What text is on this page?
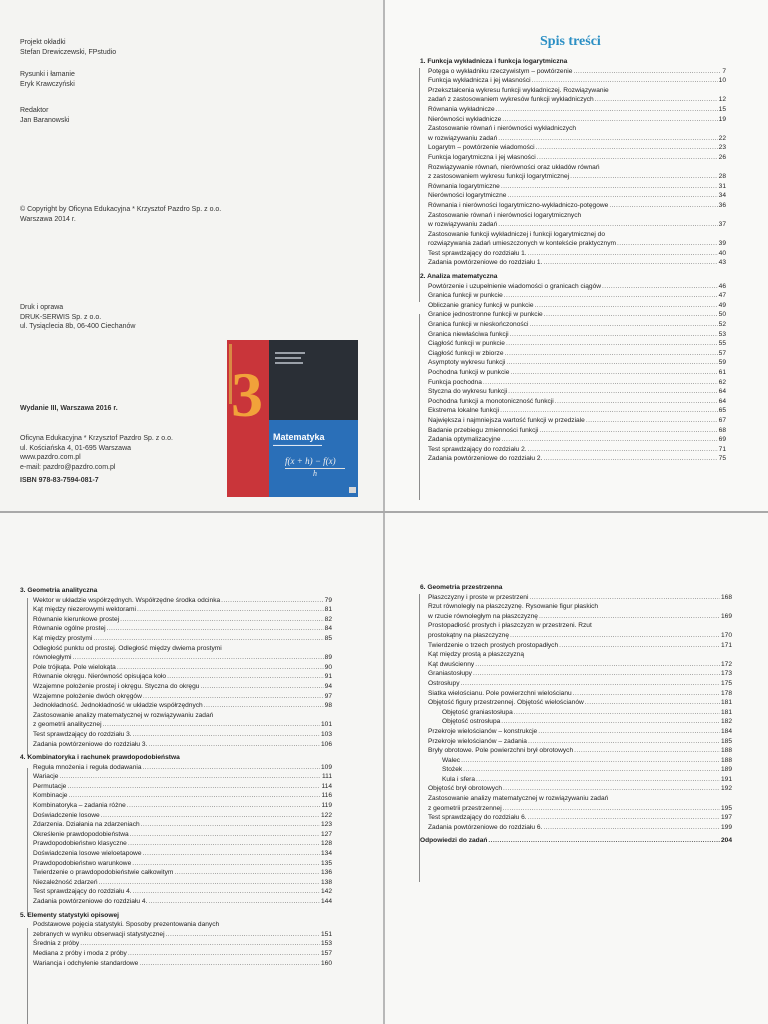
Projekt okładki
Stefan Drewiczewski, FPstudio
Rysunki i łamanie
Eryk Krawczyński
Redaktor
Jan Baranowski
© Copyright by Oficyna Edukacyjna * Krzysztof Pazdro Sp. z o.o.
Warszawa 2014 r.
Druk i oprawa
DRUK-SERWIS Sp. z o.o.
ul. Tysiąclecia 8b, 06-400 Ciechanów
Wydanie III, Warszawa 2016 r.
Oficyna Edukacyjna * Krzysztof Pazdro Sp. z o.o.
ul. Kościańska 4, 01-695 Warszawa
www.pazdro.com.pl
e-mail: pazdro@pazdro.com.pl
ISBN 978-83-7594-081-7
3
Matematyka
▬▬▬▬▬▬▬▬▬▬▬▬▬▬
f(x + h) − f(x)
h
Spis treści
1. Funkcja wykładnicza i funkcja logarytmiczna
Potęga o wykładniku rzeczywistym – powtórzenie .....	7
Funkcja wykładnicza i jej własności .....	10
Przekształcenia wykresu funkcji wykładniczej. Rozwiązywanie
zadań z zastosowaniem wykresów funkcji wykładniczych .....	12
Równania wykładnicze .....	15
Nierówności wykładnicze .....	19
Zastosowanie równań i nierówności wykładniczych
w rozwiązywaniu zadań .....	22
Logarytm – powtórzenie wiadomości .....	23
Funkcja logarytmiczna i jej własności .....	26
Rozwiązywanie równań, nierówności oraz układów równań
z zastosowaniem wykresu funkcji logarytmicznej .....	28
Równania logarytmiczne .....	31
Nierówności logarytmiczne .....	34
Równania i nierówności logarytmiczno-wykładniczo-potęgowe .....	36
Zastosowanie równań i nierówności logarytmicznych
w rozwiązywaniu zadań .....	37
Zastosowanie funkcji wykładniczej i funkcji logarytmicznej do
rozwiązywania zadań umieszczonych w kontekście praktycznym .....	39
Test sprawdzający do rozdziału 1. .....	40
Zadania powtórzeniowe do rozdziału 1. .....	43
2. Analiza matematyczna
Powtórzenie i uzupełnienie wiadomości o granicach ciągów .....	46
Granica funkcji w punkcie .....	47
Obliczanie granicy funkcji w punkcie .....	49
Granice jednostronne funkcji w punkcie .....	50
Granica funkcji w nieskończoności .....	52
Granica niewłaściwa funkcji .....	53
Ciągłość funkcji w punkcie .....	55
Ciągłość funkcji w zbiorze .....	57
Asymptoty wykresu funkcji .....	59
Pochodna funkcji w punkcie .....	61
Funkcja pochodna .....	62
Styczna do wykresu funkcji .....	64
Pochodna funkcji a monotoniczność funkcji .....	64
Ekstrema lokalne funkcji .....	65
Największa i najmniejsza wartość funkcji w przedziale .....	67
Badanie przebiegu zmienności funkcji .....	68
Zadania optymalizacyjne .....	69
Test sprawdzający do rozdziału 2. .....	71
Zadania powtórzeniowe do rozdziału 2. .....	75
3. Geometria analityczna
Wektor w układzie współrzędnych. Współrzędne środka odcinka .....	79
Kąt między niezerowymi wektorami .....	81
Równanie kierunkowe prostej .....	82
Równanie ogólne prostej .....	84
Kąt między prostymi .....	85
Odległość punktu od prostej. Odległość między dwiema prostymi
równoległymi .....	89
Pole trójkąta. Pole wielokąta .....	90
Równanie okręgu. Nierówność opisująca koło .....	91
Wzajemne położenie prostej i okręgu. Styczna do okręgu .....	94
Wzajemne położenie dwóch okręgów .....	97
Jednokładność. Jednokładność w układzie współrzędnych .....	98
Zastosowanie analizy matematycznej w rozwiązywaniu zadań
z geometrii analitycznej .....	101
Test sprawdzający do rozdziału 3. .....	103
Zadania powtórzeniowe do rozdziału 3. .....	106
4. Kombinatoryka i rachunek prawdopodobieństwa
Reguła mnożenia i reguła dodawania .....	109
Wariacje .....	111
Permutacje .....	114
Kombinacje .....	116
Kombinatoryka – zadania różne .....	119
Doświadczenie losowe .....	122
Zdarzenia. Działania na zdarzeniach .....	123
Określenie prawdopodobieństwa .....	127
Prawdopodobieństwo klasyczne .....	128
Doświadczenia losowe wieloetapowe .....	134
Prawdopodobieństwo warunkowe .....	135
Twierdzenie o prawdopodobieństwie całkowitym .....	136
Niezależność zdarzeń .....	138
Test sprawdzający do rozdziału 4. .....	142
Zadania powtórzeniowe do rozdziału 4. .....	144
5. Elementy statystyki opisowej
Podstawowe pojęcia statystyki. Sposoby prezentowania danych
zebranych w wyniku obserwacji statystycznej .....	151
Średnia z próby .....	153
Mediana z próby i moda z próby .....	157
Wariancja i odchylenie standardowe .....	160
6. Geometria przestrzenna
Płaszczyzny i proste w przestrzeni .....	168
Rzut równoległy na płaszczyznę. Rysowanie figur płaskich
w rzucie równoległym na płaszczyznę .....	169
Prostopadłość prostych i płaszczyzn w przestrzeni. Rzut
prostokątny na płaszczyznę .....	170
Twierdzenie o trzech prostych prostopadłych .....	171
Kąt między prostą a płaszczyzną
Kąt dwuścienny .....	172
Graniastosłupy .....	173
Ostrosłupy .....	175
Siatka wielościanu. Pole powierzchni wielościanu .....	178
Objętość figury przestrzennej. Objętość wielościanów .....	181
Objętość graniastosłupa .....	181
Objętość ostrosłupa .....	182
Przekroje wielościanów – konstrukcje .....	184
Przekroje wielościanów – zadania .....	185
Bryły obrotowe. Pole powierzchni brył obrotowych .....	188
Walec .....	188
Stożek .....	189
Kula i sfera .....	191
Objętość brył obrotowych .....	192
Zastosowanie analizy matematycznej w rozwiązywaniu zadań
z geometrii przestrzennej .....	195
Test sprawdzający do rozdziału 6. .....	197
Zadania powtórzeniowe do rozdziału 6. .....	199
Odpowiedzi do zadań .....	204
